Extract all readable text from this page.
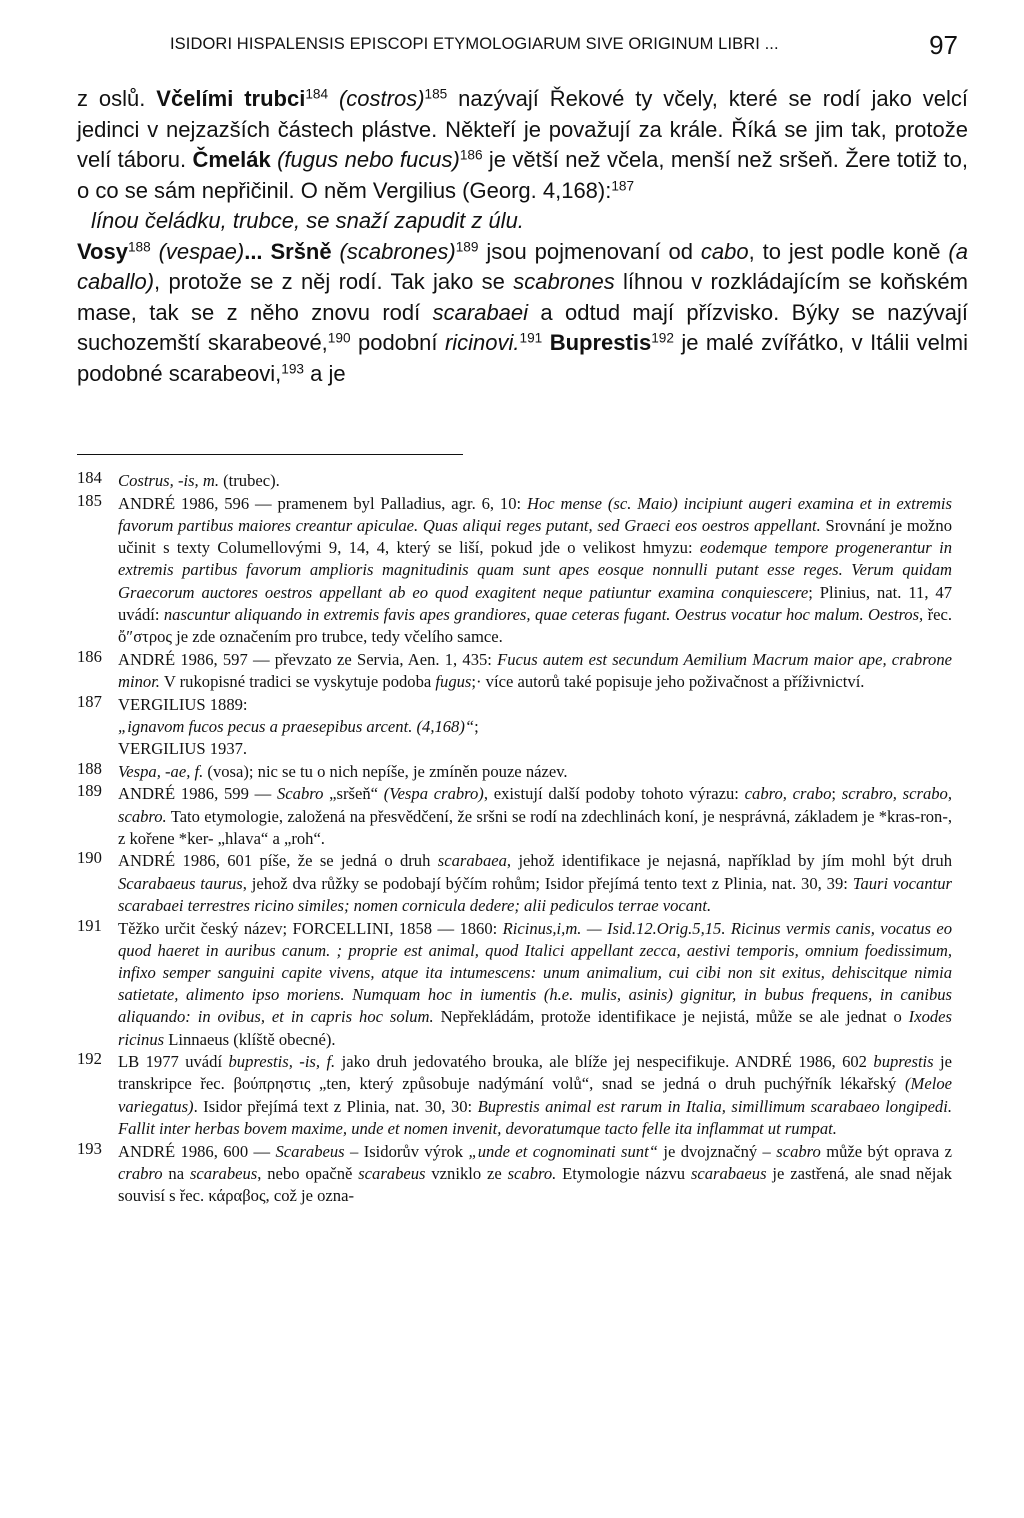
ISIDORI HISPALENSIS EPISCOPI ETYMOLOGIARUM SIVE ORIGINUM LIBRI ...	97

z oslů. Včelími trubci$^{184}$ (costros)$^{185}$ nazývají Řekové ty včely, které se rodí jako velcí jedinci v nejzazších částech plástve. Někteří je považují za krále. Říká se jim tak, protože velí táboru. Čmelák (fugus nebo fucus)$^{186}$ je větší než včela, menší než sršeň. Žere totiž to, o co se sám nepřičinil. O něm Vergilius (Georg. 4,168):$^{187}$

línou čeládku, trubce, se snaží zapudit z úlu.

Vosy$^{188}$ (vespae)... Sršně (scabrones)$^{189}$ jsou pojmenovaní od cabo, to jest podle koně (a caballo), protože se z něj rodí. Tak jako se scabrones líhnou v rozkládajícím se koňském mase, tak se z něho znovu rodí scarabaei a odtud mají přízvisko. Býky se nazývají suchozemští skarabeové,$^{190}$ podobní ricinovi.$^{191}$ Buprestis$^{192}$ je malé zvířátko, v Itálii velmi podobné scarabeovi,$^{193}$ a je

184 Costrus, -is, m. (trubec).

185 ANDRÉ 1986, 596 — pramenem byl Palladius, agr. 6, 10: Hoc mense (sc. Maio) incipiunt augeri examina et in extremis favorum partibus maiores creantur apiculae. Quas aliqui reges putant, sed Graeci eos oestros appellant. Srovnání je možno učinit s texty Columellovými 9, 14, 4, který se liší, pokud jde o velikost hmyzu: eodemque tempore progenerantur in extremis partibus favorum amplioris magnitudinis quam sunt apes eosque nonnulli putant esse reges. Verum quidam Graecorum auctores oestros appellant ab eo quod exagitent neque patiuntur examina conquiescere; Plinius, nat. 11, 47 uvádí: nascuntur aliquando in extremis favis apes grandiores, quae ceteras fugant. Oestrus vocatur hoc malum. Oestros, řec. ὄ″στρος je zde označením pro trubce, tedy včelího samce.

186 ANDRÉ 1986, 597 — převzato ze Servia, Aen. 1, 435: Fucus autem est secundum Aemilium Macrum maior ape, crabrone minor. V rukopisné tradici se vyskytuje podoba fugus;· více autorů také popisuje jeho poživačnost a příživnictví.

187 VERGILIUS 1889:
„ignavom fucos pecus a praesepibus arcent. (4,168)“;
VERGILIUS 1937.

188 Vespa, -ae, f. (vosa); nic se tu o nich nepíše, je zmíněn pouze název.

189 ANDRÉ 1986, 599 — Scabro „sršeň“ (Vespa crabro), existují další podoby tohoto výrazu: cabro, crabo; scrabro, scrabo, scabro. Tato etymologie, založená na přesvědčení, že sršni se rodí na zdechlinách koní, je nesprávná, základem je *kras-ron-, z kořene *ker- „hlava“ a „roh“.

190 ANDRÉ 1986, 601 píše, že se jedná o druh scarabaea, jehož identifikace je nejasná, například by jím mohl být druh Scarabaeus taurus, jehož dva růžky se podobají býčím rohům; Isidor přejímá tento text z Plinia, nat. 30, 39: Tauri vocantur scarabaei terrestres ricino similes; nomen cornicula dedere; alii pediculos terrae vocant.

191 Těžko určit český název; FORCELLINI, 1858 — 1860: Ricinus,i,m. — Isid.12.Orig.5,15. Ricinus vermis canis, vocatus eo quod haeret in auribus canum. ; proprie est animal, quod Italici appellant zecca, aestivi temporis, omnium foedissimum, infixo semper sanguini capite vivens, atque ita intumescens: unum animalium, cui cibi non sit exitus, dehiscitque nimia satietate, alimento ipso moriens. Numquam hoc in iumentis (h.e. mulis, asinis) gignitur, in bubus frequens, in canibus aliquando: in ovibus, et in capris hoc solum. Nepřekládám, protože identifikace je nejistá, může se ale jednat o Ixodes ricinus Linnaeus (klíště obecné).

192 LB 1977 uvádí buprestis, -is, f. jako druh jedovatého brouka, ale blíže jej nespecifikuje. ANDRÉ 1986, 602 buprestis je transkripce řec. βούπρηστις „ten, který způsobuje nadýmání volů“, snad se jedná o druh puchýřník lékařský (Meloe variegatus). Isidor přejímá text z Plinia, nat. 30, 30: Buprestis animal est rarum in Italia, simillimum scarabaeo longipedi. Fallit inter herbas bovem maxime, unde et nomen invenit, devoratumque tacto felle ita inflammat ut rumpat.

193 ANDRÉ 1986, 600 — Scarabeus – Isidorův výrok „unde et cognominati sunt“ je dvojznačný – scabro může být oprava z crabro na scarabeus, nebo opačně scarabeus vzniklo ze scabro. Etymologie názvu scarabaeus je zastřená, ale snad nějak souvisí s řec. κάραβος, což je ozna-
